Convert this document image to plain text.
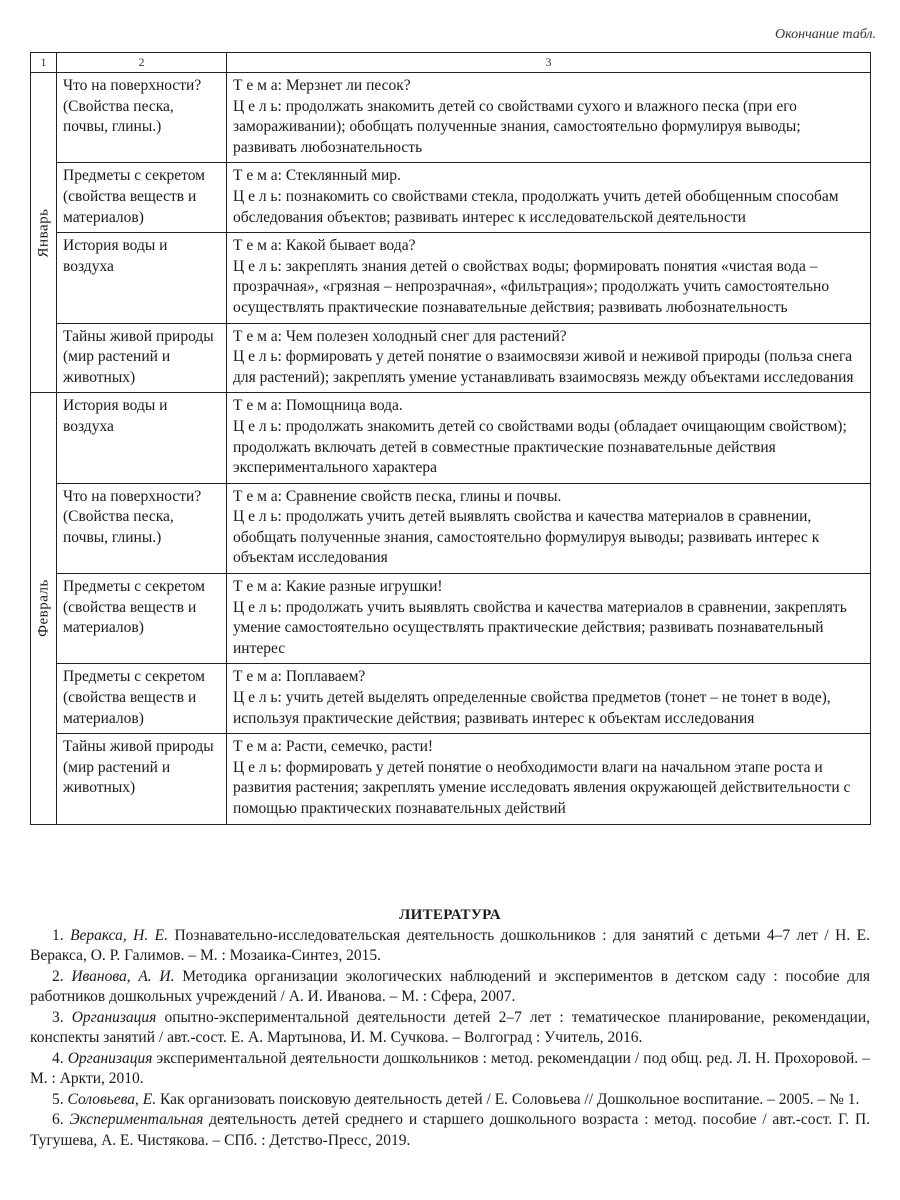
Окончание табл.
1	2	3

Январь	Что на поверхности? (Свойства песка, почвы, глины.)	Т е м а: Мерзнет ли песок?
Ц е л ь: продолжать знакомить детей со свойствами сухого и влажного песка (при его замораживании); обобщать полученные знания, самостоятельно формулируя выводы; развивать любознательность

	Предметы с секретом (свойства веществ и материалов)	Т е м а: Стеклянный мир.
Ц е л ь: познакомить со свойствами стекла, продолжать учить детей обобщенным способам обследования объектов; развивать интерес к исследовательской деятельности

	История воды и воздуха	Т е м а: Какой бывает вода?
Ц е л ь: закреплять знания детей о свойствах воды; формировать понятия «чистая вода – прозрачная», «грязная – непрозрачная», «фильтрация»; продолжать учить самостоятельно осуществлять практические познавательные действия; развивать любознательность

	Тайны живой природы (мир растений и животных)	Т е м а: Чем полезен холодный снег для растений?
Ц е л ь: формировать у детей понятие о взаимосвязи живой и неживой природы (польза снега для растений); закреплять умение устанавливать взаимосвязь между объектами исследования

Февраль	История воды и воздуха	Т е м а: Помощница вода.
Ц е л ь: продолжать знакомить детей со свойствами воды (обладает очищающим свойством); продолжать включать детей в совместные практические познавательные действия экспериментального характера

	Что на поверхности? (Свойства песка, почвы, глины.)	Т е м а: Сравнение свойств песка, глины и почвы.
Ц е л ь: продолжать учить детей выявлять свойства и качества материалов в сравнении, обобщать полученные знания, самостоятельно формулируя выводы; развивать интерес к объектам исследования

	Предметы с секретом (свойства веществ и материалов)	Т е м а: Какие разные игрушки!
Ц е л ь: продолжать учить выявлять свойства и качества материалов в сравнении, закреплять умение самостоятельно осуществлять практические действия; развивать познавательный интерес

	Предметы с секретом (свойства веществ и материалов)	Т е м а: Поплаваем?
Ц е л ь: учить детей выделять определенные свойства предметов (тонет – не тонет в воде), используя практические действия; развивать интерес к объектам исследования

	Тайны живой природы (мир растений и животных)	Т е м а: Расти, семечко, расти!
Ц е л ь: формировать у детей понятие о необходимости влаги на начальном этапе роста и развития растения; закреплять умение исследовать явления окружающей действительности с помощью практических познавательных действий
ЛИТЕРАТУРА

1. Веракса, Н. Е. Познавательно-исследовательская деятельность дошкольников : для занятий с детьми 4–7 лет / Н. Е. Веракса, О. Р. Галимов. – М. : Мозаика-Синтез, 2015.

2. Иванова, А. И. Методика организации экологических наблюдений и экспериментов в детском саду : пособие для работников дошкольных учреждений / А. И. Иванова. – М. : Сфера, 2007.

3. Организация опытно-экспериментальной деятельности детей 2–7 лет : тематическое планирование, рекомендации, конспекты занятий / авт.-сост. Е. А. Мартынова, И. М. Сучкова. – Волгоград : Учитель, 2016.

4. Организация экспериментальной деятельности дошкольников : метод. рекомендации / под общ. ред. Л. Н. Прохоровой. – М. : Аркти, 2010.

5. Соловьева, Е. Как организовать поисковую деятельность детей / Е. Соловьева // Дошкольное воспитание. – 2005. – № 1.

6. Экспериментальная деятельность детей среднего и старшего дошкольного возраста : метод. пособие / авт.-сост. Г. П. Тугушева, А. Е. Чистякова. – СПб. : Детство-Пресс, 2019.
